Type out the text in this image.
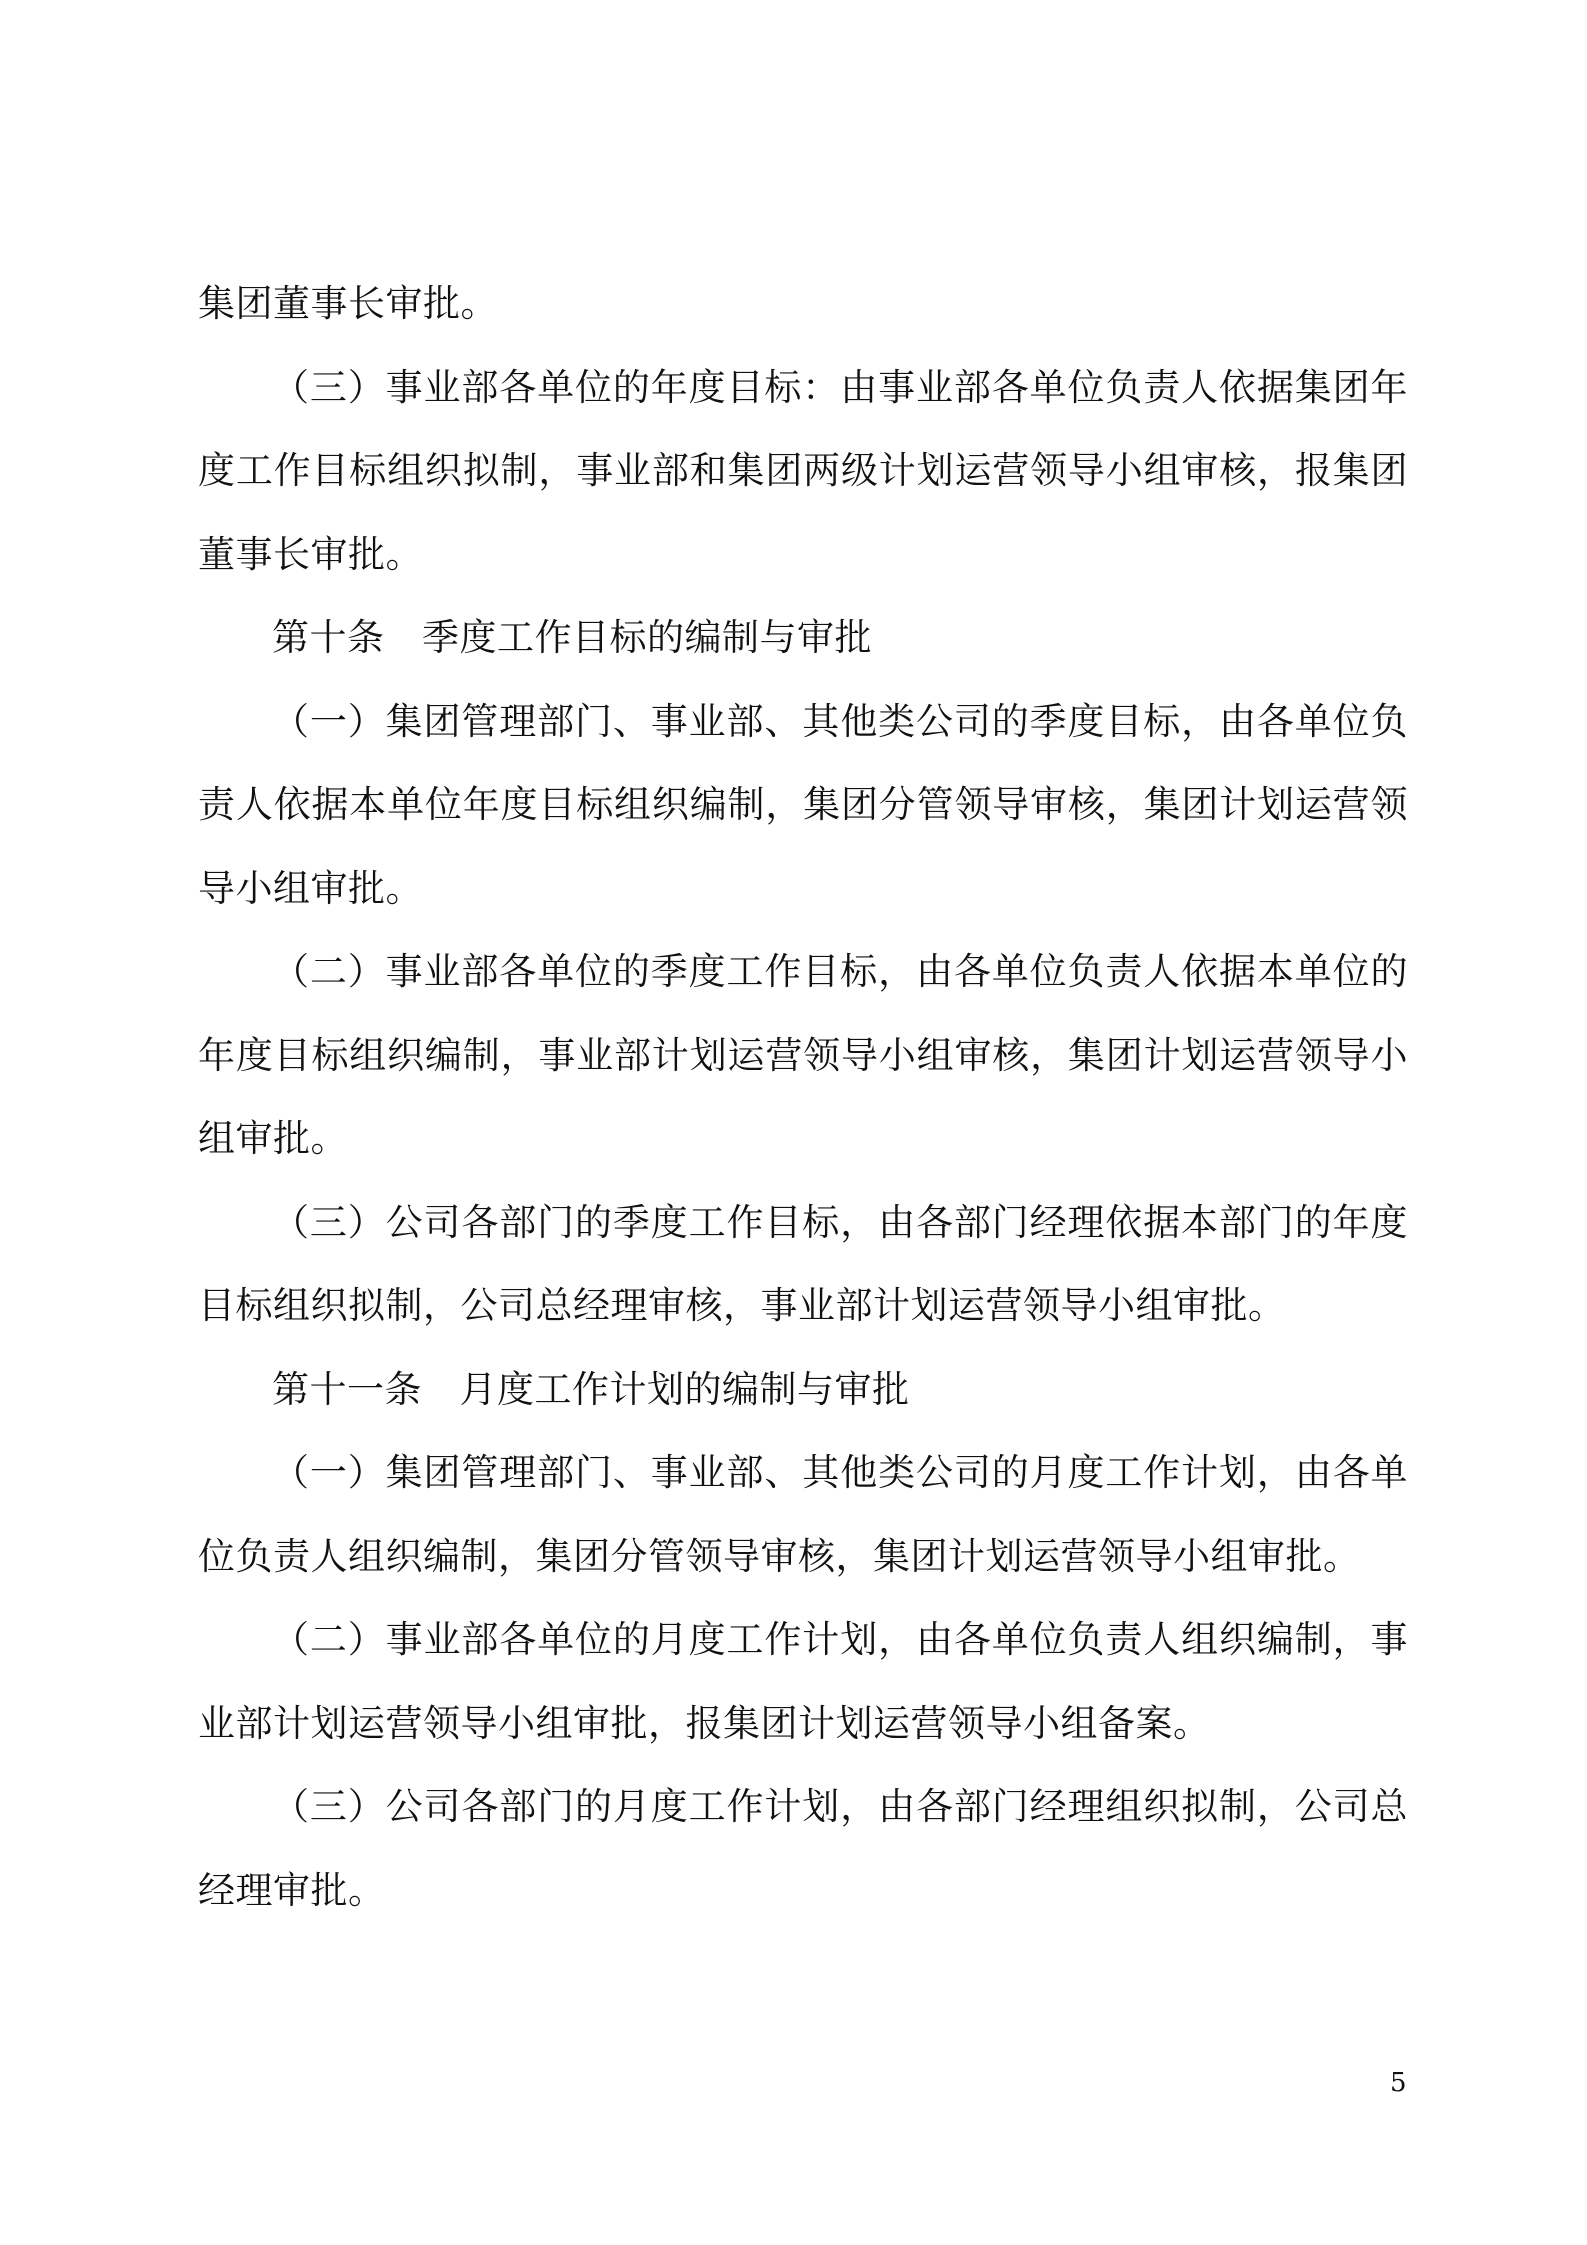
集团董事长审批。

（三）事业部各单位的年度目标：由事业部各单位负责人依据集团年度工作目标组织拟制，事业部和集团两级计划运营领导小组审核，报集团董事长审批。

第十条　季度工作目标的编制与审批

（一）集团管理部门、事业部、其他类公司的季度目标，由各单位负责人依据本单位年度目标组织编制，集团分管领导审核，集团计划运营领导小组审批。

（二）事业部各单位的季度工作目标，由各单位负责人依据本单位的年度目标组织编制，事业部计划运营领导小组审核，集团计划运营领导小组审批。

（三）公司各部门的季度工作目标，由各部门经理依据本部门的年度目标组织拟制，公司总经理审核，事业部计划运营领导小组审批。

第十一条　月度工作计划的编制与审批

（一）集团管理部门、事业部、其他类公司的月度工作计划，由各单位负责人组织编制，集团分管领导审核，集团计划运营领导小组审批。

（二）事业部各单位的月度工作计划，由各单位负责人组织编制，事业部计划运营领导小组审批，报集团计划运营领导小组备案。

（三）公司各部门的月度工作计划，由各部门经理组织拟制，公司总经理审批。

5
